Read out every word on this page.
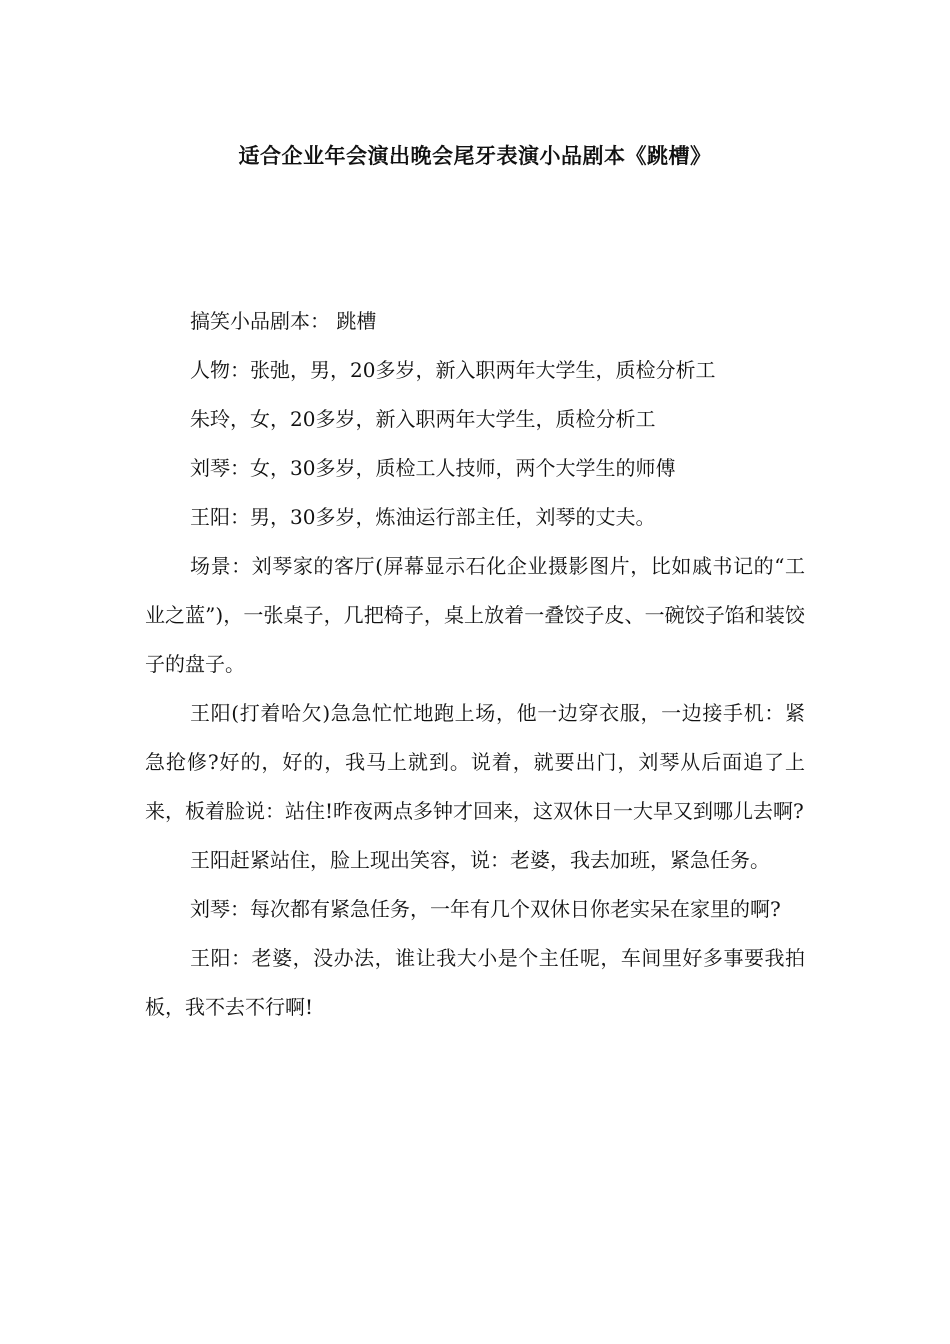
适合企业年会演出晚会尾牙表演小品剧本《跳槽》

搞笑小品剧本： 跳槽

人物：张弛，男，20多岁，新入职两年大学生，质检分析工

朱玲，女，20多岁，新入职两年大学生，质检分析工

刘琴：女，30多岁，质检工人技师，两个大学生的师傅

王阳：男，30多岁，炼油运行部主任，刘琴的丈夫。

场景：刘琴家的客厅(屏幕显示石化企业摄影图片，比如戚书记的“工业之蓝”)，一张桌子，几把椅子，桌上放着一叠饺子皮、一碗饺子馅和装饺子的盘子。

王阳(打着哈欠)急急忙忙地跑上场，他一边穿衣服，一边接手机：紧急抢修?好的，好的，我马上就到。说着，就要出门，刘琴从后面追了上来，板着脸说：站住!昨夜两点多钟才回来，这双休日一大早又到哪儿去啊?

王阳赶紧站住，脸上现出笑容，说：老婆，我去加班，紧急任务。

刘琴：每次都有紧急任务，一年有几个双休日你老实呆在家里的啊?

王阳：老婆，没办法，谁让我大小是个主任呢，车间里好多事要我拍板，我不去不行啊!
